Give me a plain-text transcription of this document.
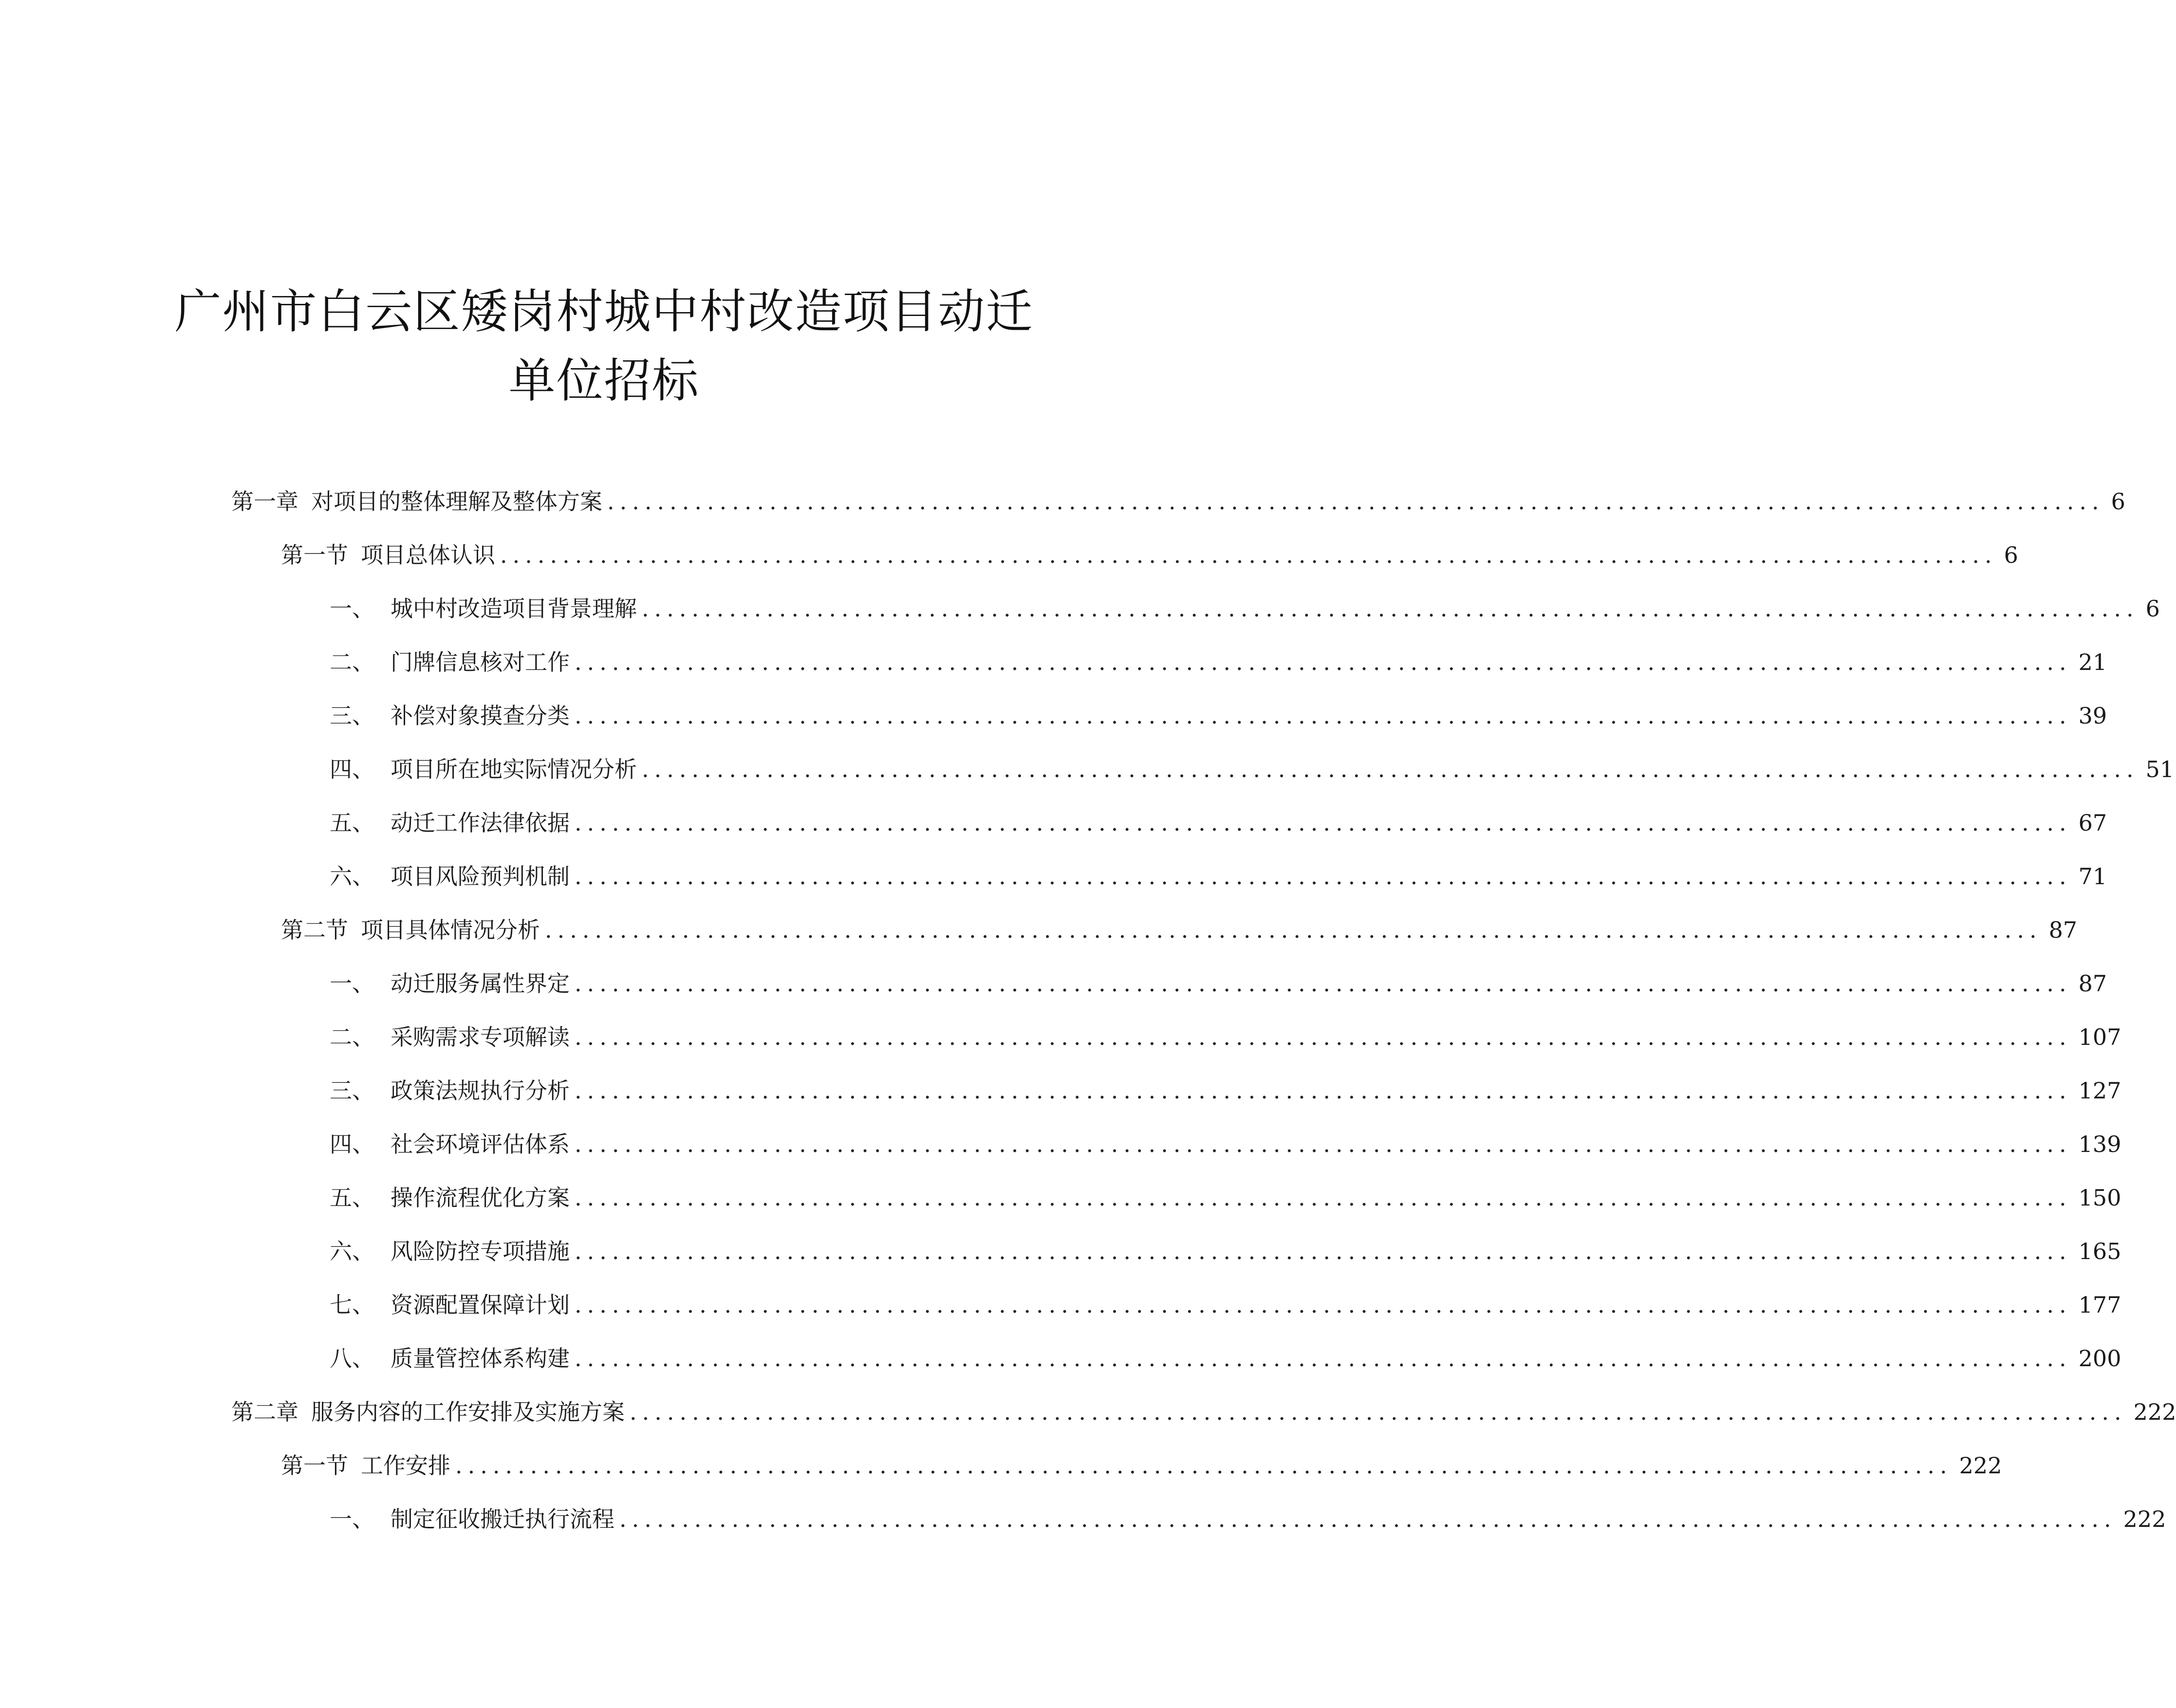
广州市白云区矮岗村城中村改造项目动迁
单位招标
第一章 对项目的整体理解及整体方案 ........................................................................................................................ 6
第一节 项目总体认识 ........................................................................................................................ 6
一、 城中村改造项目背景理解 ........................................................................................................................ 6
二、 门牌信息核对工作 ........................................................................................................................ 21
三、 补偿对象摸查分类 ........................................................................................................................ 39
四、 项目所在地实际情况分析 ........................................................................................................................ 51
五、 动迁工作法律依据 ........................................................................................................................ 67
六、 项目风险预判机制 ........................................................................................................................ 71
第二节 项目具体情况分析 ........................................................................................................................ 87
一、 动迁服务属性界定 ........................................................................................................................ 87
二、 采购需求专项解读 ........................................................................................................................ 107
三、 政策法规执行分析 ........................................................................................................................ 127
四、 社会环境评估体系 ........................................................................................................................ 139
五、 操作流程优化方案 ........................................................................................................................ 150
六、 风险防控专项措施 ........................................................................................................................ 165
七、 资源配置保障计划 ........................................................................................................................ 177
八、 质量管控体系构建 ........................................................................................................................ 200
第二章 服务内容的工作安排及实施方案 ........................................................................................................................ 222
第一节 工作安排 ........................................................................................................................ 222
一、 制定征收搬迁执行流程 ........................................................................................................................ 222
